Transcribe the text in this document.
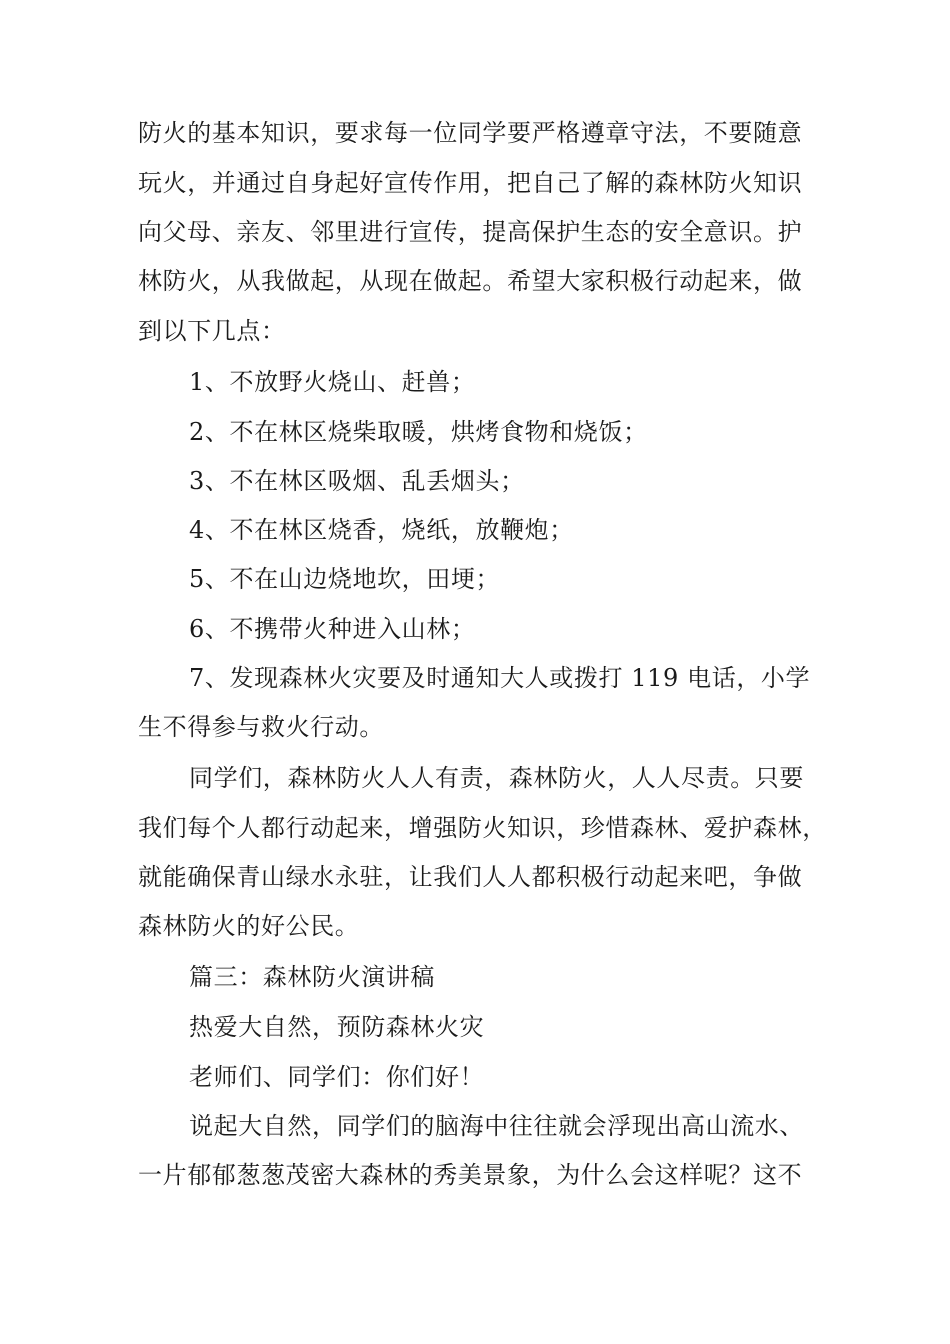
防火的基本知识，要求每一位同学要严格遵章守法，不要随意

玩火，并通过自身起好宣传作用，把自己了解的森林防火知识

向父母、亲友、邻里进行宣传，提高保护生态的安全意识。护

林防火，从我做起，从现在做起。希望大家积极行动起来，做

到以下几点：

1、不放野火烧山、赶兽；

2、不在林区烧柴取暖，烘烤食物和烧饭；

3、不在林区吸烟、乱丢烟头；

4、不在林区烧香，烧纸，放鞭炮；

5、不在山边烧地坎，田埂；

6、不携带火种进入山林；

7、发现森林火灾要及时通知大人或拨打 119 电话，小学

生不得参与救火行动。

同学们，森林防火人人有责，森林防火，人人尽责。只要

我们每个人都行动起来，增强防火知识，珍惜森林、爱护森林，

就能确保青山绿水永驻，让我们人人都积极行动起来吧，争做

森林防火的好公民。

篇三：森林防火演讲稿

热爱大自然，预防森林火灾

老师们、同学们：你们好！

说起大自然，同学们的脑海中往往就会浮现出高山流水、

一片郁郁葱葱茂密大森林的秀美景象，为什么会这样呢？这不
